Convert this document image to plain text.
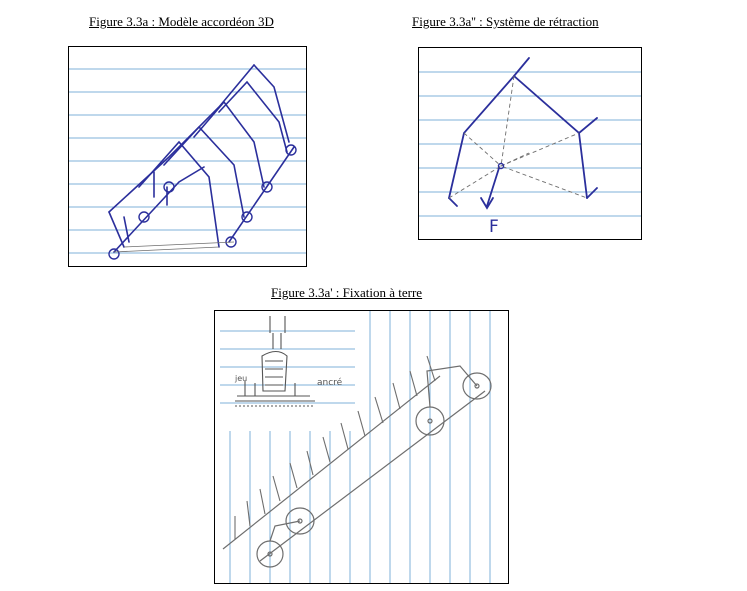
Figure 3.3a : Modèle accordéon 3D	Figure 3.3a'' : Système de rétraction
Figure 3.3a' : Fixation à terre
F
jeu	ancré
